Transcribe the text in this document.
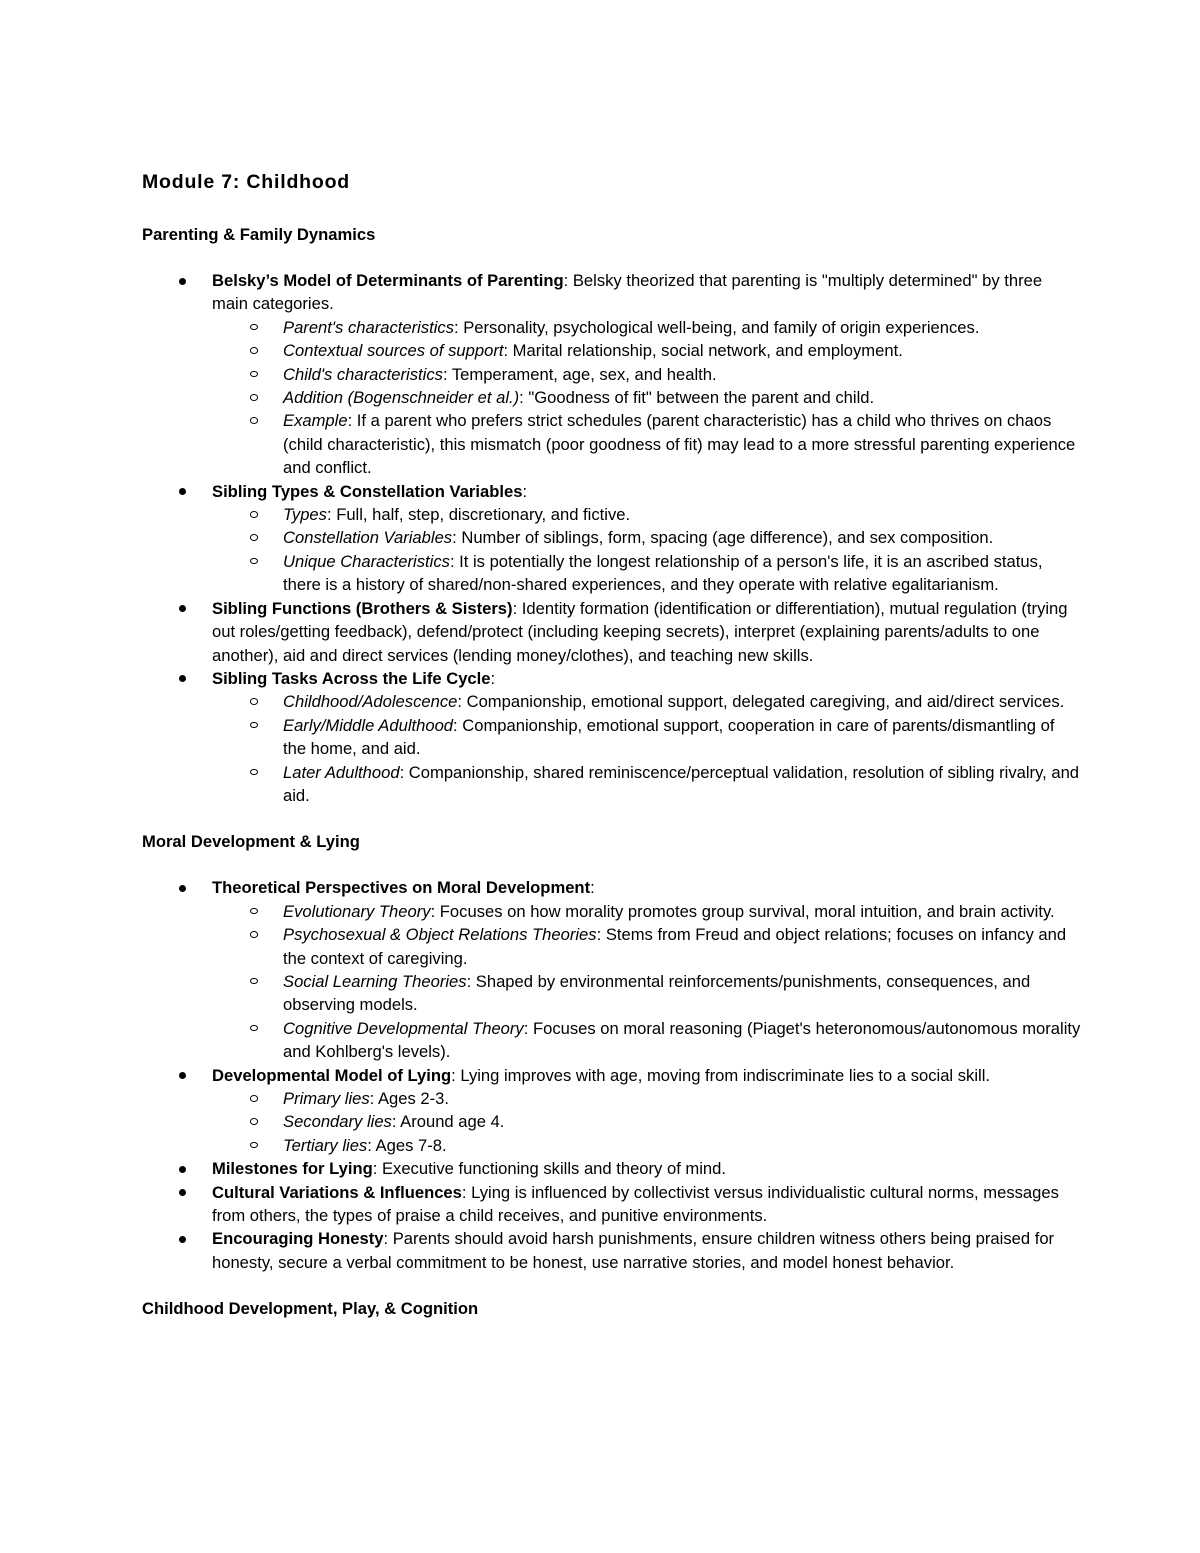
Module 7: Childhood
Parenting & Family Dynamics
Belsky’s Model of Determinants of Parenting: Belsky theorized that parenting is "multiply determined" by three main categories.
Parent's characteristics: Personality, psychological well-being, and family of origin experiences.
Contextual sources of support: Marital relationship, social network, and employment.
Child's characteristics: Temperament, age, sex, and health.
Addition (Bogenschneider et al.): "Goodness of fit" between the parent and child.
Example: If a parent who prefers strict schedules (parent characteristic) has a child who thrives on chaos (child characteristic), this mismatch (poor goodness of fit) may lead to a more stressful parenting experience and conflict.
Sibling Types & Constellation Variables:
Types: Full, half, step, discretionary, and fictive.
Constellation Variables: Number of siblings, form, spacing (age difference), and sex composition.
Unique Characteristics: It is potentially the longest relationship of a person's life, it is an ascribed status, there is a history of shared/non-shared experiences, and they operate with relative egalitarianism.
Sibling Functions (Brothers & Sisters): Identity formation (identification or differentiation), mutual regulation (trying out roles/getting feedback), defend/protect (including keeping secrets), interpret (explaining parents/adults to one another), aid and direct services (lending money/clothes), and teaching new skills.
Sibling Tasks Across the Life Cycle:
Childhood/Adolescence: Companionship, emotional support, delegated caregiving, and aid/direct services.
Early/Middle Adulthood: Companionship, emotional support, cooperation in care of parents/dismantling of the home, and aid.
Later Adulthood: Companionship, shared reminiscence/perceptual validation, resolution of sibling rivalry, and aid.
Moral Development & Lying
Theoretical Perspectives on Moral Development:
Evolutionary Theory: Focuses on how morality promotes group survival, moral intuition, and brain activity.
Psychosexual & Object Relations Theories: Stems from Freud and object relations; focuses on infancy and the context of caregiving.
Social Learning Theories: Shaped by environmental reinforcements/punishments, consequences, and observing models.
Cognitive Developmental Theory: Focuses on moral reasoning (Piaget's heteronomous/autonomous morality and Kohlberg's levels).
Developmental Model of Lying: Lying improves with age, moving from indiscriminate lies to a social skill.
Primary lies: Ages 2-3.
Secondary lies: Around age 4.
Tertiary lies: Ages 7-8.
Milestones for Lying: Executive functioning skills and theory of mind.
Cultural Variations & Influences: Lying is influenced by collectivist versus individualistic cultural norms, messages from others, the types of praise a child receives, and punitive environments.
Encouraging Honesty: Parents should avoid harsh punishments, ensure children witness others being praised for honesty, secure a verbal commitment to be honest, use narrative stories, and model honest behavior.
Childhood Development, Play, & Cognition
